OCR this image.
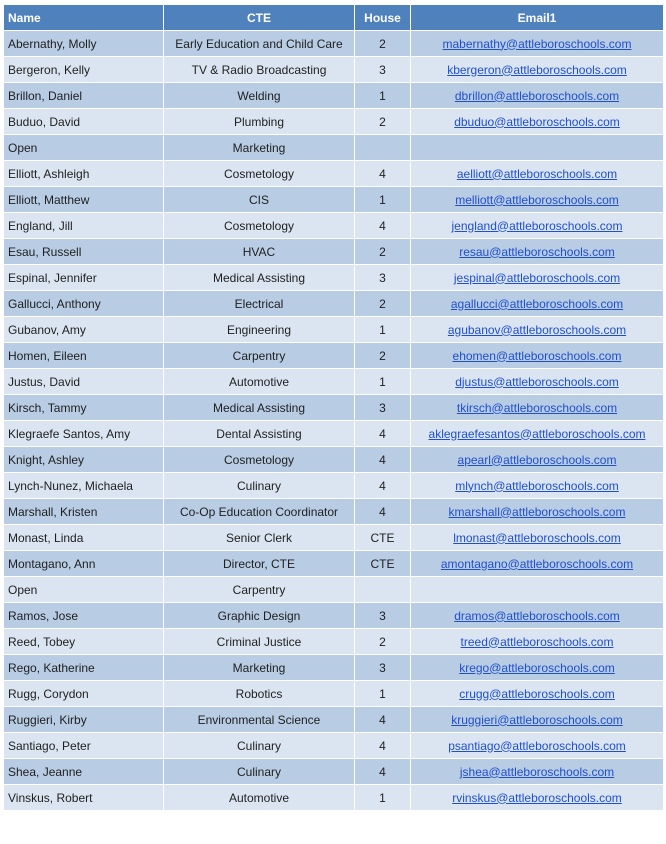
Name	CTE	House	Email1
Abernathy, Molly	Early Education and Child Care	2	mabernathy@attleboroschools.com
Bergeron, Kelly	TV & Radio Broadcasting	3	kbergeron@attleboroschools.com
Brillon, Daniel	Welding	1	dbrillon@attleboroschools.com
Buduo, David	Plumbing	2	dbuduo@attleboroschools.com
Open	Marketing		
Elliott, Ashleigh	Cosmetology	4	aelliott@attleboroschools.com
Elliott, Matthew	CIS	1	melliott@attleboroschools.com
England, Jill	Cosmetology	4	jengland@attleboroschools.com
Esau, Russell	HVAC	2	resau@attleboroschools.com
Espinal, Jennifer	Medical Assisting	3	jespinal@attleboroschools.com
Gallucci, Anthony	Electrical	2	agallucci@attleboroschools.com
Gubanov, Amy	Engineering	1	agubanov@attleboroschools.com
Homen, Eileen	Carpentry	2	ehomen@attleboroschools.com
Justus, David	Automotive	1	djustus@attleboroschools.com
Kirsch, Tammy	Medical Assisting	3	tkirsch@attleboroschools.com
Klegraefe Santos, Amy	Dental Assisting	4	aklegraefesantos@attleboroschools.com
Knight, Ashley	Cosmetology	4	apearl@attleboroschools.com
Lynch-Nunez, Michaela	Culinary	4	mlynch@attleboroschools.com
Marshall, Kristen	Co-Op Education Coordinator	4	kmarshall@attleboroschools.com
Monast, Linda	Senior Clerk	CTE	lmonast@attleboroschools.com
Montagano, Ann	Director, CTE	CTE	amontagano@attleboroschools.com
Open	Carpentry		
Ramos, Jose	Graphic Design	3	dramos@attleboroschools.com
Reed, Tobey	Criminal Justice	2	treed@attleboroschools.com
Rego, Katherine	Marketing	3	krego@attleboroschools.com
Rugg, Corydon	Robotics	1	crugg@attleboroschools.com
Ruggieri, Kirby	Environmental Science	4	kruggieri@attleboroschools.com
Santiago, Peter	Culinary	4	psantiago@attleboroschools.com
Shea, Jeanne	Culinary	4	jshea@attleboroschools.com
Vinskus, Robert	Automotive	1	rvinskus@attleboroschools.com
